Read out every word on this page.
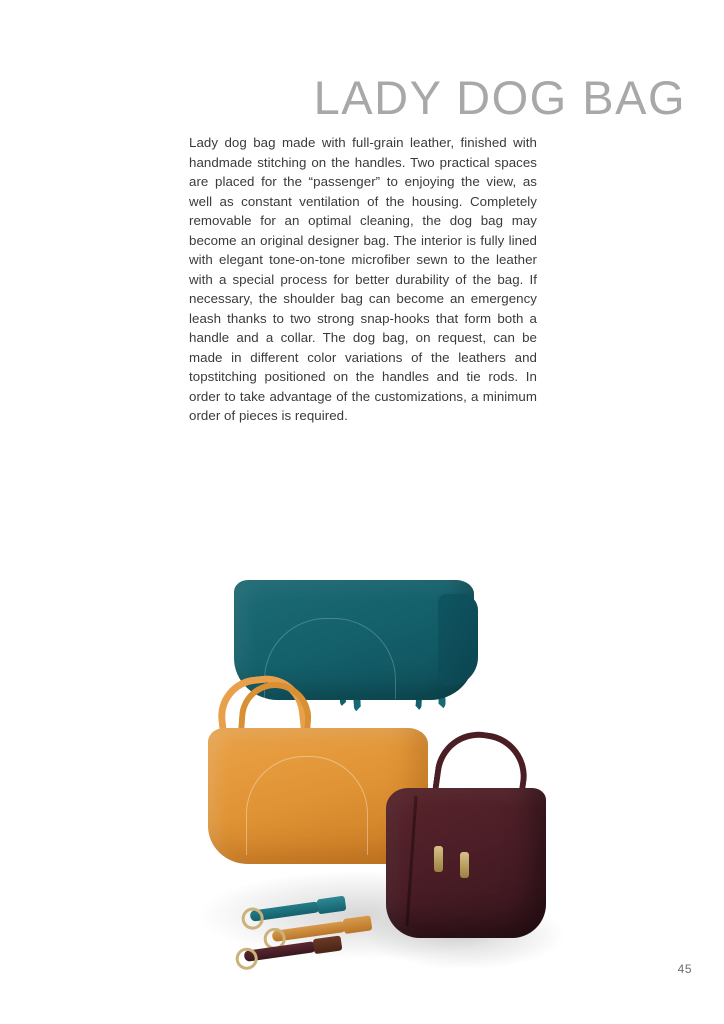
LADY DOG BAG

Lady dog bag made with full-grain leather, finished with handmade stitching on the handles. Two practical spaces are placed for the “passenger” to enjoying the view, as well as constant ventilation of the housing. Completely removable for an optimal cleaning, the dog bag may become an original designer bag. The interior is fully lined with elegant tone-on-tone microfiber sewn to the leather with a special process for better durability of the bag. If necessary, the shoulder bag can become an emergency leash thanks to two strong snap-hooks that form both a handle and a collar. The dog bag, on request, can be made in different color variations of the leathers and topstitching positioned on the handles and tie rods. In order to take advantage of the customizations, a minimum order of pieces is required.

45
